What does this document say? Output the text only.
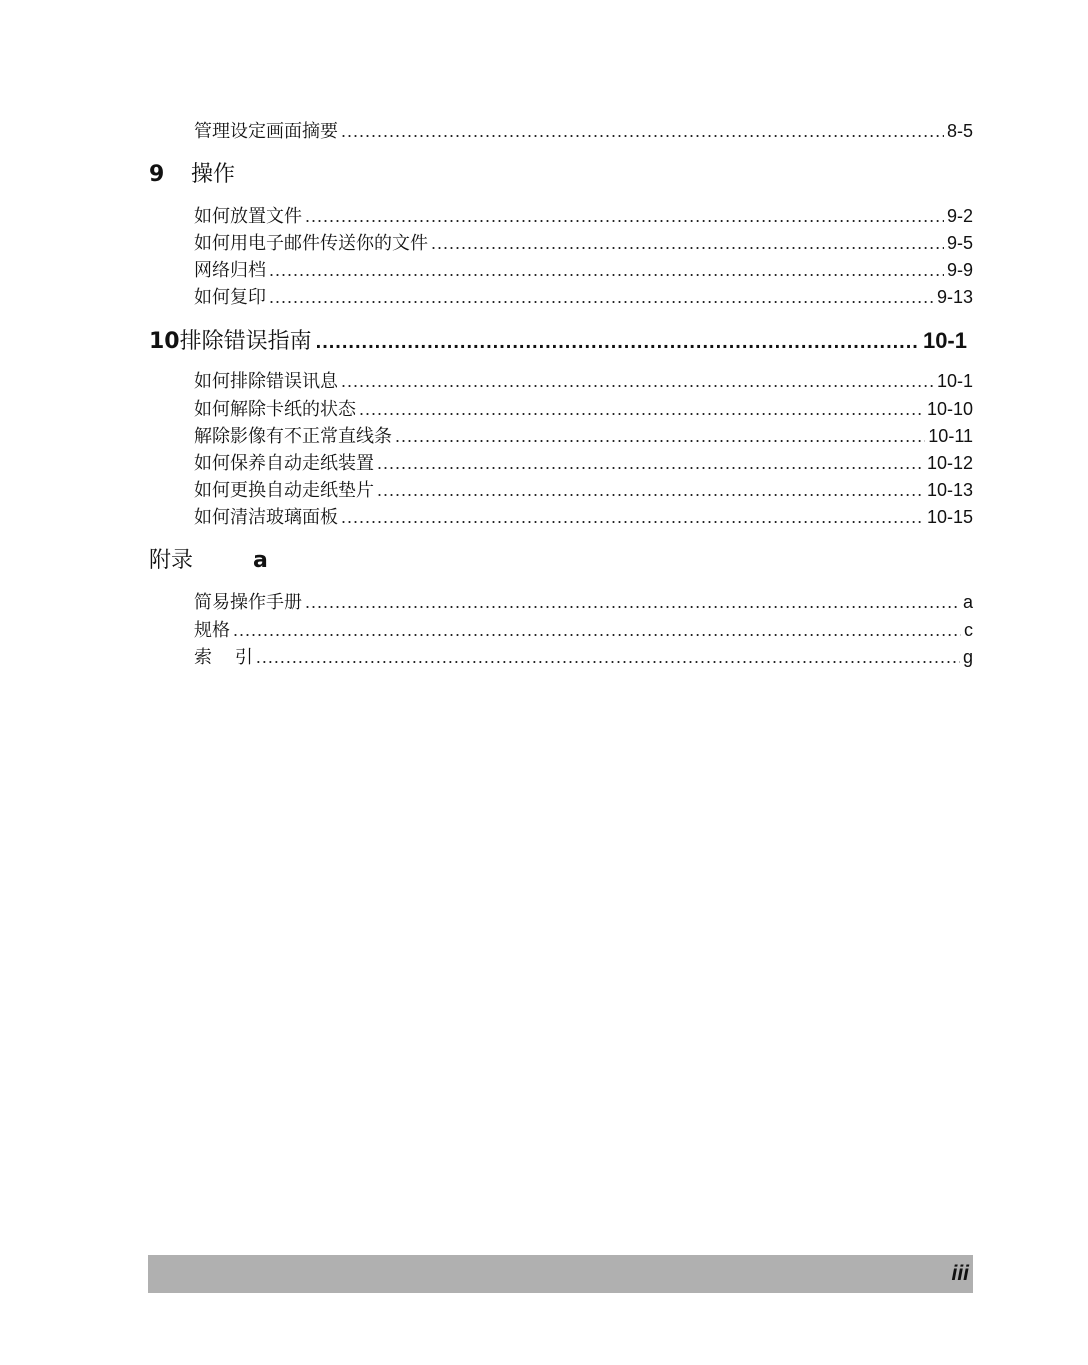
管理设定画面摘要 .....	8-5
9	操作
如何放置文件 .....	9-2
如何用电子邮件传送你的文件 .....	9-5
网络归档 .....	9-9
如何复印 .....	9-13
10 排除错误指南 .....	10-1
如何排除错误讯息 .....	10-1
如何解除卡纸的状态 .....	10-10
解除影像有不正常直线条 .....	10-11
如何保养自动走纸装置 .....	10-12
如何更换自动走纸垫片 .....	10-13
如何清洁玻璃面板 .....	10-15
附录	a
简易操作手册 .....	a
规格 .....	c
索    引 .....	g
iii
